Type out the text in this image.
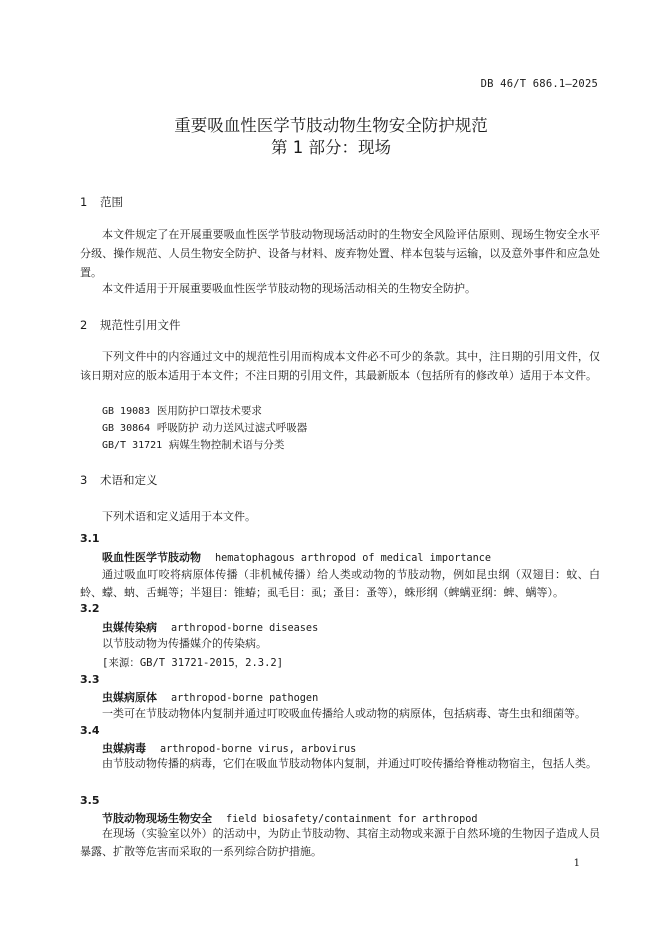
DB 46/T 686.1—2025
重要吸血性医学节肢动物生物安全防护规范
第 1 部分：现场
1 范围
本文件规定了在开展重要吸血性医学节肢动物现场活动时的生物安全风险评估原则、现场生物安全水平分级、操作规范、人员生物安全防护、设备与材料、废弃物处置、样本包装与运输，以及意外事件和应急处置。
本文件适用于开展重要吸血性医学节肢动物的现场活动相关的生物安全防护。
2 规范性引用文件
下列文件中的内容通过文中的规范性引用而构成本文件必不可少的条款。其中，注日期的引用文件，仅该日期对应的版本适用于本文件；不注日期的引用文件，其最新版本（包括所有的修改单）适用于本文件。
GB 19083 医用防护口罩技术要求
GB 30864 呼吸防护 动力送风过滤式呼吸器
GB/T 31721 病媒生物控制术语与分类
3 术语和定义
下列术语和定义适用于本文件。
3.1
吸血性医学节肢动物 hematophagous arthropod of medical importance
通过吸血叮咬将病原体传播（非机械传播）给人类或动物的节肢动物，例如昆虫纲（双翅目：蚊、白蛉、蠓、蚋、舌蝇等；半翅目：锥蝽；虱毛目：虱；蚤目：蚤等），蛛形纲（蜱螨亚纲：蜱、螨等）。
3.2
虫媒传染病 arthropod-borne diseases
以节肢动物为传播媒介的传染病。
[来源：GB/T 31721-2015，2.3.2]
3.3
虫媒病原体 arthropod-borne pathogen
一类可在节肢动物体内复制并通过叮咬吸血传播给人或动物的病原体，包括病毒、寄生虫和细菌等。
3.4
虫媒病毒 arthropod-borne virus, arbovirus
由节肢动物传播的病毒，它们在吸血节肢动物体内复制，并通过叮咬传播给脊椎动物宿主，包括人类。
3.5
节肢动物现场生物安全 field biosafety/containment for arthropod
在现场（实验室以外）的活动中，为防止节肢动物、其宿主动物或来源于自然环境的生物因子造成人员暴露、扩散等危害而采取的一系列综合防护措施。
1
